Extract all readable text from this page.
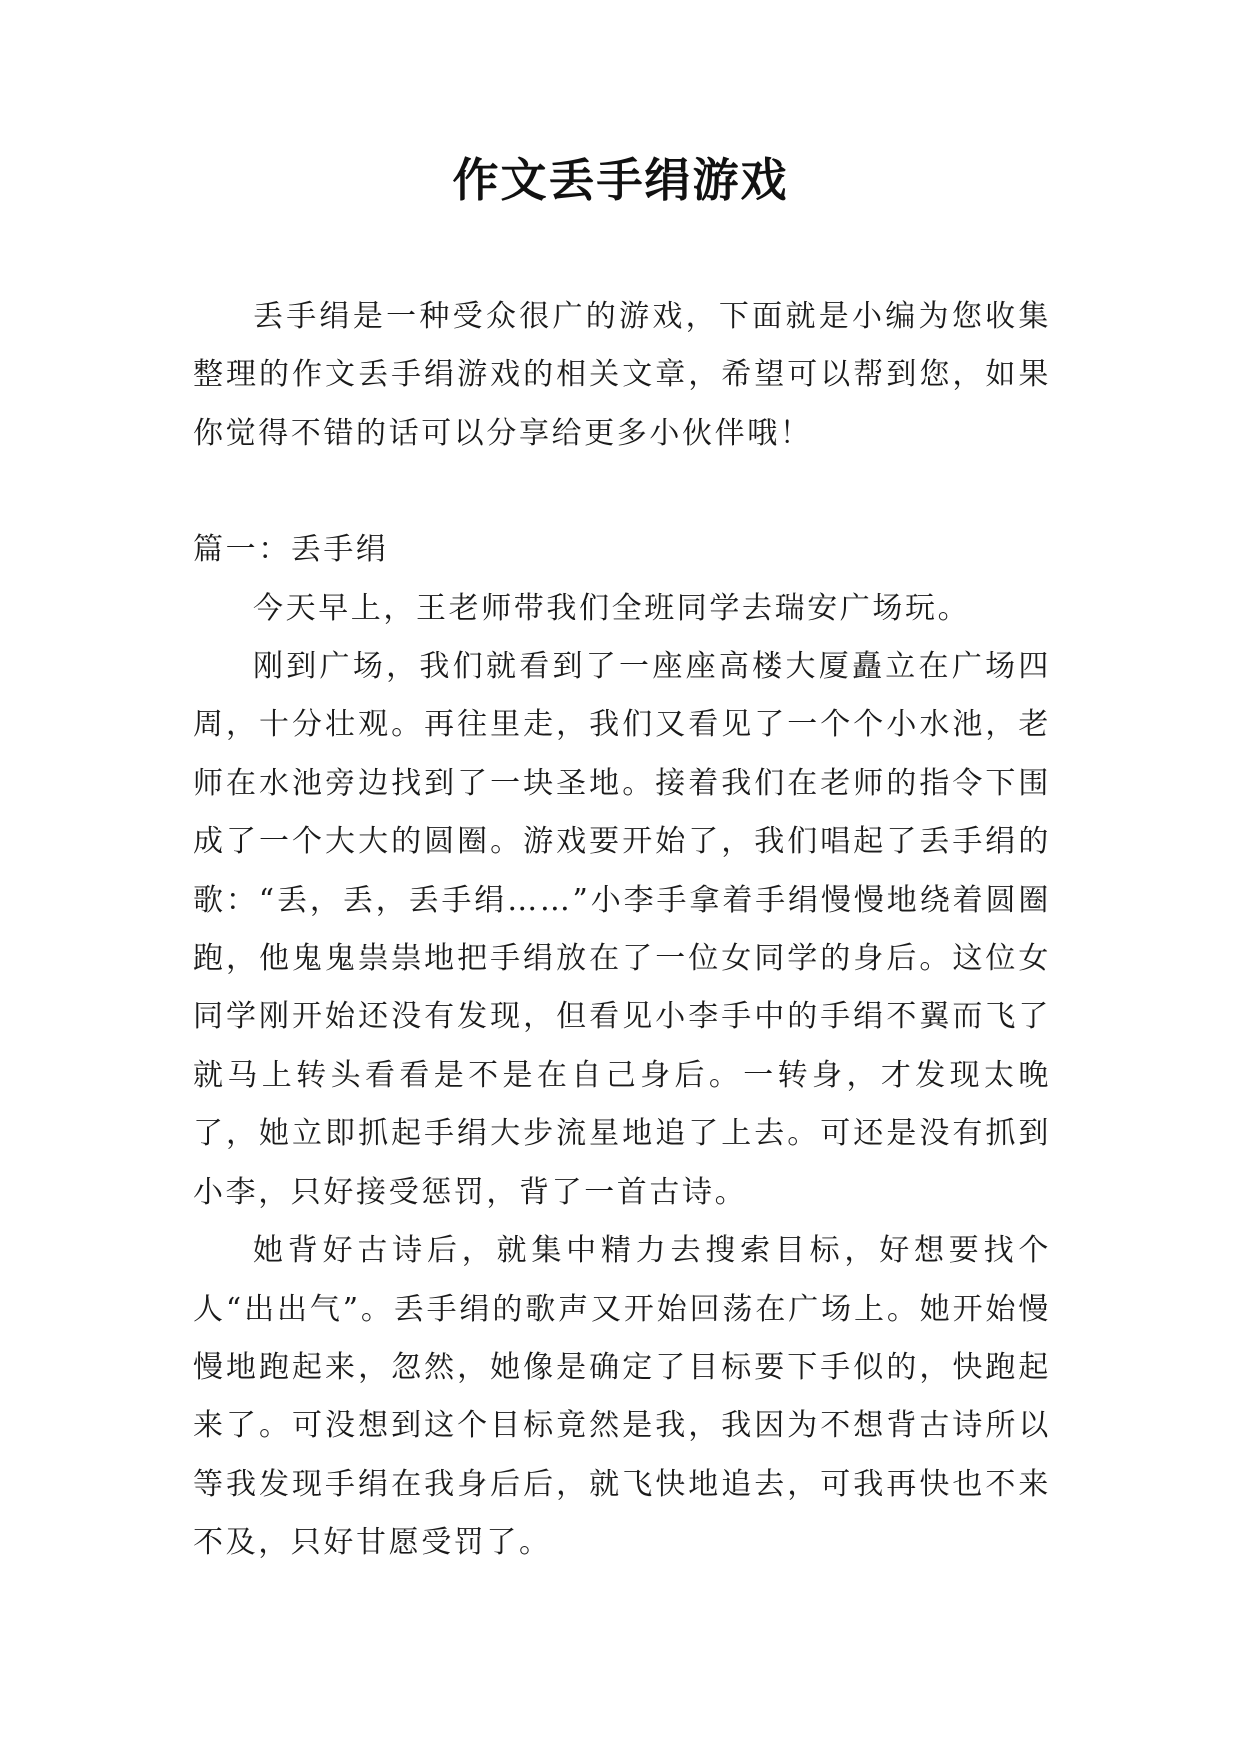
作文丢手绢游戏

丢手绢是一种受众很广的游戏，下面就是小编为您收集整理的作文丢手绢游戏的相关文章，希望可以帮到您，如果你觉得不错的话可以分享给更多小伙伴哦！

篇一：丢手绢

今天早上，王老师带我们全班同学去瑞安广场玩。

刚到广场，我们就看到了一座座高楼大厦矗立在广场四周，十分壮观。再往里走，我们又看见了一个个小水池，老师在水池旁边找到了一块圣地。接着我们在老师的指令下围成了一个大大的圆圈。游戏要开始了，我们唱起了丢手绢的歌：“丢，丢，丢手绢……”小李手拿着手绢慢慢地绕着圆圈跑，他鬼鬼祟祟地把手绢放在了一位女同学的身后。这位女同学刚开始还没有发现，但看见小李手中的手绢不翼而飞了就马上转头看看是不是在自己身后。一转身，才发现太晚了，她立即抓起手绢大步流星地追了上去。可还是没有抓到小李，只好接受惩罚，背了一首古诗。

她背好古诗后，就集中精力去搜索目标，好想要找个人“出出气”。丢手绢的歌声又开始回荡在广场上。她开始慢慢地跑起来，忽然，她像是确定了目标要下手似的，快跑起来了。可没想到这个目标竟然是我，我因为不想背古诗所以等我发现手绢在我身后后，就飞快地追去，可我再快也不来不及，只好甘愿受罚了。
